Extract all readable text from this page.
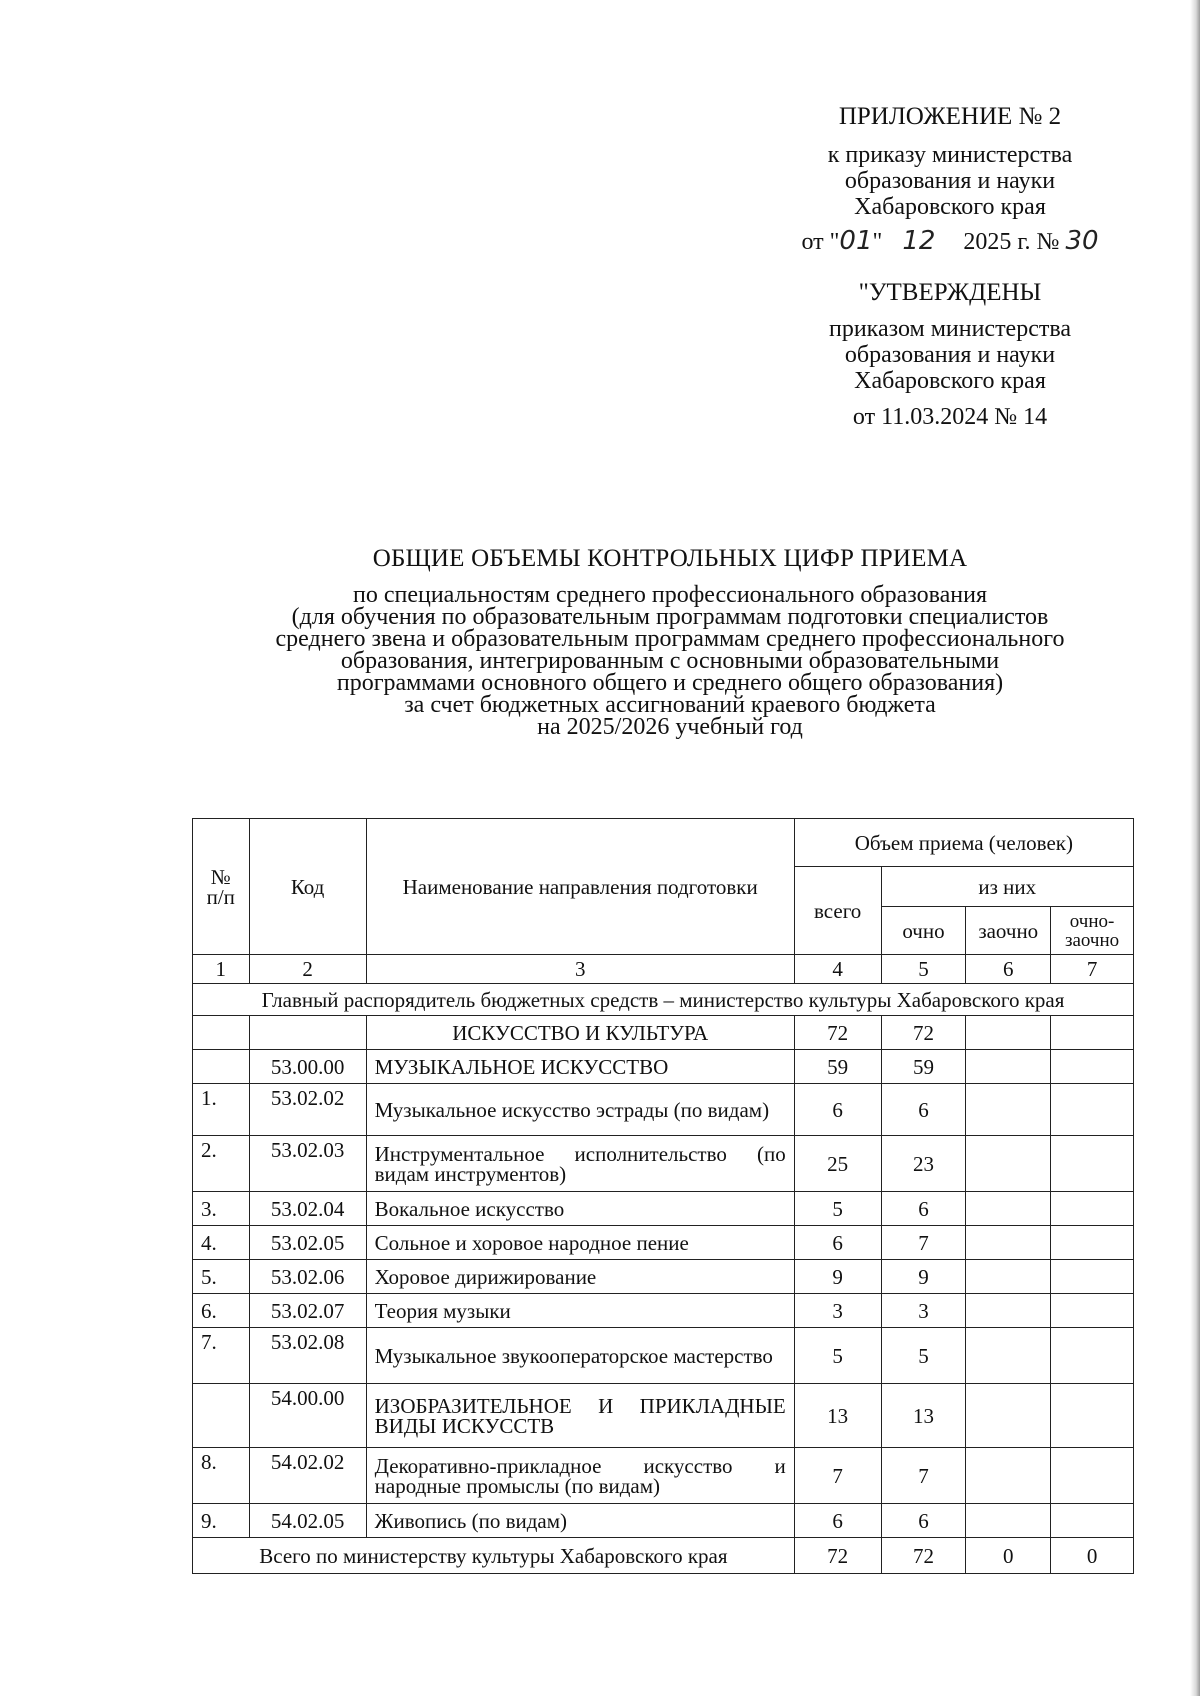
ПРИЛОЖЕНИЕ № 2
к приказу министерства
образования и науки
Хабаровского края
от "01" 12 2025 г. № 30
"УТВЕРЖДЕНЫ
приказом министерства
образования и науки
Хабаровского края
от 11.03.2024 № 14
ОБЩИЕ ОБЪЕМЫ КОНТРОЛЬНЫХ ЦИФР ПРИЕМА
по специальностям среднего профессионального образования
(для обучения по образовательным программам подготовки специалистов
среднего звена и образовательным программам среднего профессионального
образования, интегрированным с основными образовательными
программами основного общего и среднего общего образования)
за счет бюджетных ассигнований краевого бюджета
на 2025/2026 учебный год
№ п/п	Код	Наименование направления подготовки	Объем приема (человек)			
			всего	из них		
				очно	заочно	очно-заочно
1	2	3	4	5	6	7
Главный распорядитель бюджетных средств – министерство культуры Хабаровского края						
		ИСКУССТВО И КУЛЬТУРА	72	72		
	53.00.00	МУЗЫКАЛЬНОЕ ИСКУССТВО	59	59		
1.	53.02.02	Музыкальное искусство эстрады (по видам)	6	6		
2.	53.02.03	Инструментальное исполнительство (по видам инструментов)	25	23		
3.	53.02.04	Вокальное искусство	5	6		
4.	53.02.05	Сольное и хоровое народное пение	6	7		
5.	53.02.06	Хоровое дирижирование	9	9		
6.	53.02.07	Теория музыки	3	3		
7.	53.02.08	Музыкальное звукооператорское мастерство	5	5		
	54.00.00	ИЗОБРАЗИТЕЛЬНОЕ И ПРИКЛАДНЫЕ ВИДЫ ИСКУССТВ	13	13		
8.	54.02.02	Декоративно-прикладное искусство и народные промыслы (по видам)	7	7		
9.	54.02.05	Живопись (по видам)	6	6		
Всего по министерству культуры Хабаровского края			72	72	0	0
